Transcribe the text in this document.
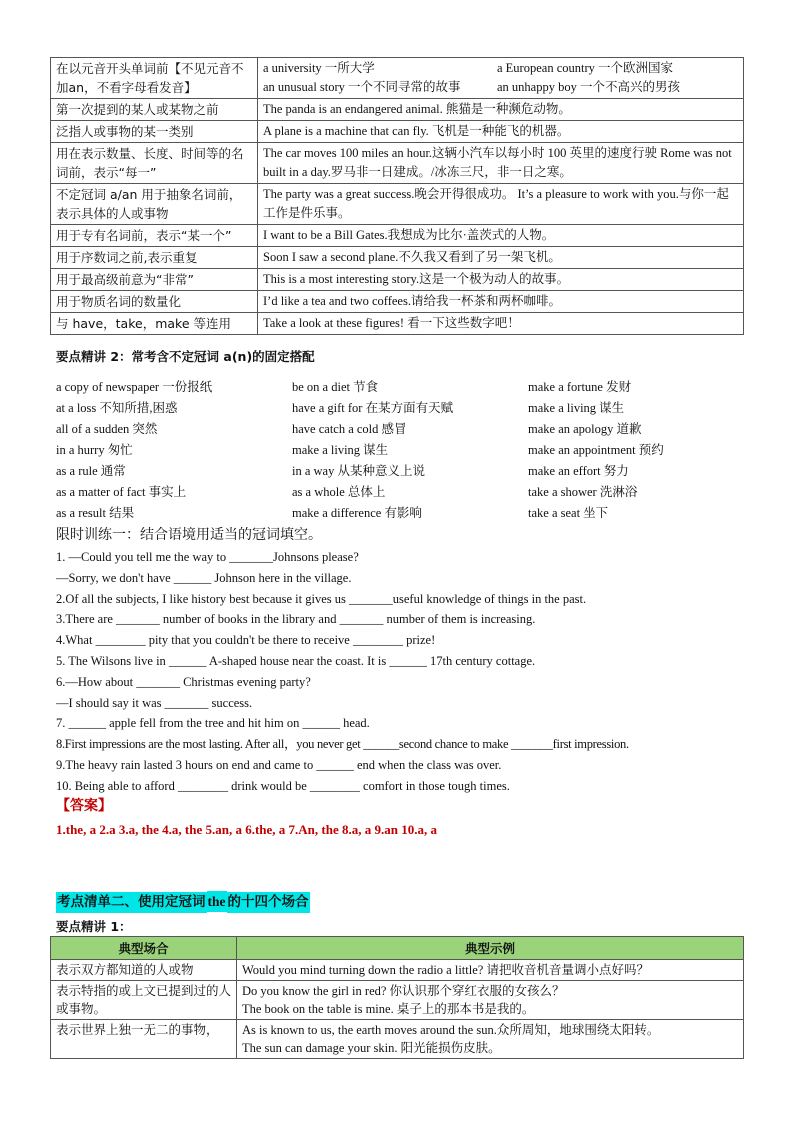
在以元音开头单词前【不见元音不加an，不看字母看发音】	a university 一所大学 a European country 一个欧洲国家
an unusual story 一个不同寻常的故事 an unhappy boy 一个不高兴的男孩

第一次提到的某人或某物之前	The panda is an endangered animal. 熊猫是一种濒危动物。
泛指人或事物的某一类别	A plane is a machine that can fly. 飞机是一种能飞的机器。
用在表示数量、长度、时间等的名词前，表示“每一”	The car moves 100 miles an hour.这辆小汽车以每小时 100 英里的速度行驶 Rome was not built in a day.罗马非一日建成。/冰冻三尺，非一日之寒。
不定冠词 a/an 用于抽象名词前，表示具体的人或事物	The party was a great success.晚会开得很成功。 It’s a pleasure to work with you.与你一起工作是件乐事。
用于专有名词前，表示“某一个”	I want to be a Bill Gates.我想成为比尔·盖茨式的人物。
用于序数词之前,表示重复	Soon I saw a second plane.不久我又看到了另一架飞机。
用于最高级前意为“非常”	This is a most interesting story.这是一个极为动人的故事。
用于物质名词的数量化	I’d like a tea and two coffees.请给我一杯茶和两杯咖啡。
与 have，take，make 等连用	Take a look at these figures! 看一下这些数字吧！
要点精讲 2：常考含不定冠词 a(n)的固定搭配
a copy of newspaper 一份报纸	be on a diet 节食	make a fortune 发财
at a loss 不知所措,困惑	have a gift for 在某方面有天赋	make a living 谋生
all of a sudden 突然	have catch a cold 感冒	make an apology 道歉
in a hurry 匆忙	make a living 谋生	make an appointment 预约
as a rule 通常	in a way 从某种意义上说	make an effort 努力
as a matter of fact 事实上	as a whole 总体上	take a shower 洗淋浴
as a result 结果	make a difference 有影响	take a seat 坐下
限时训练一：结合语境用适当的冠词填空。
1. —Could you tell me the way to _______Johnsons please?
—Sorry, we don't have ______ Johnson here in the village.
2.Of all the subjects, I like history best because it gives us _______useful knowledge of things in the past.
3.There are _______ number of books in the library and _______ number of them is increasing.
4.What ________ pity that you couldn't be there to receive ________ prize!
5. The Wilsons live in ______ A-shaped house near the coast. It is ______ 17th century cottage.
6.—How about _______ Christmas evening party?
—I should say it was _______ success.
7. ______ apple fell from the tree and hit him on ______ head.
8.First impressions are the most lasting. After all，you never get ______second chance to make _______first impression.
9.The heavy rain lasted 3 hours on end and came to ______ end when the class was over.
10. Being able to afford ________ drink would be ________ comfort in those tough times.
【答案】
1.the, a 2.a 3.a, the 4.a, the 5.an, a 6.the, a 7.An, the 8.a, a 9.an 10.a, a
考点清单二、使用定冠词 the的十四个场合
要点精讲 1：
典型场合	典型示例
表示双方都知道的人或物	Would you mind turning down the radio a little? 请把收音机音量调小点好吗？

表示特指的或上文已提到过的人或事物。	Do you know the girl in red? 你认识那个穿红衣服的女孩么？
The book on the table is mine. 桌子上的那本书是我的。

表示世界上独一无二的事物，	As is known to us, the earth moves around the sun.众所周知，地球围绕太阳转。
The sun can damage your skin. 阳光能损伤皮肤。
